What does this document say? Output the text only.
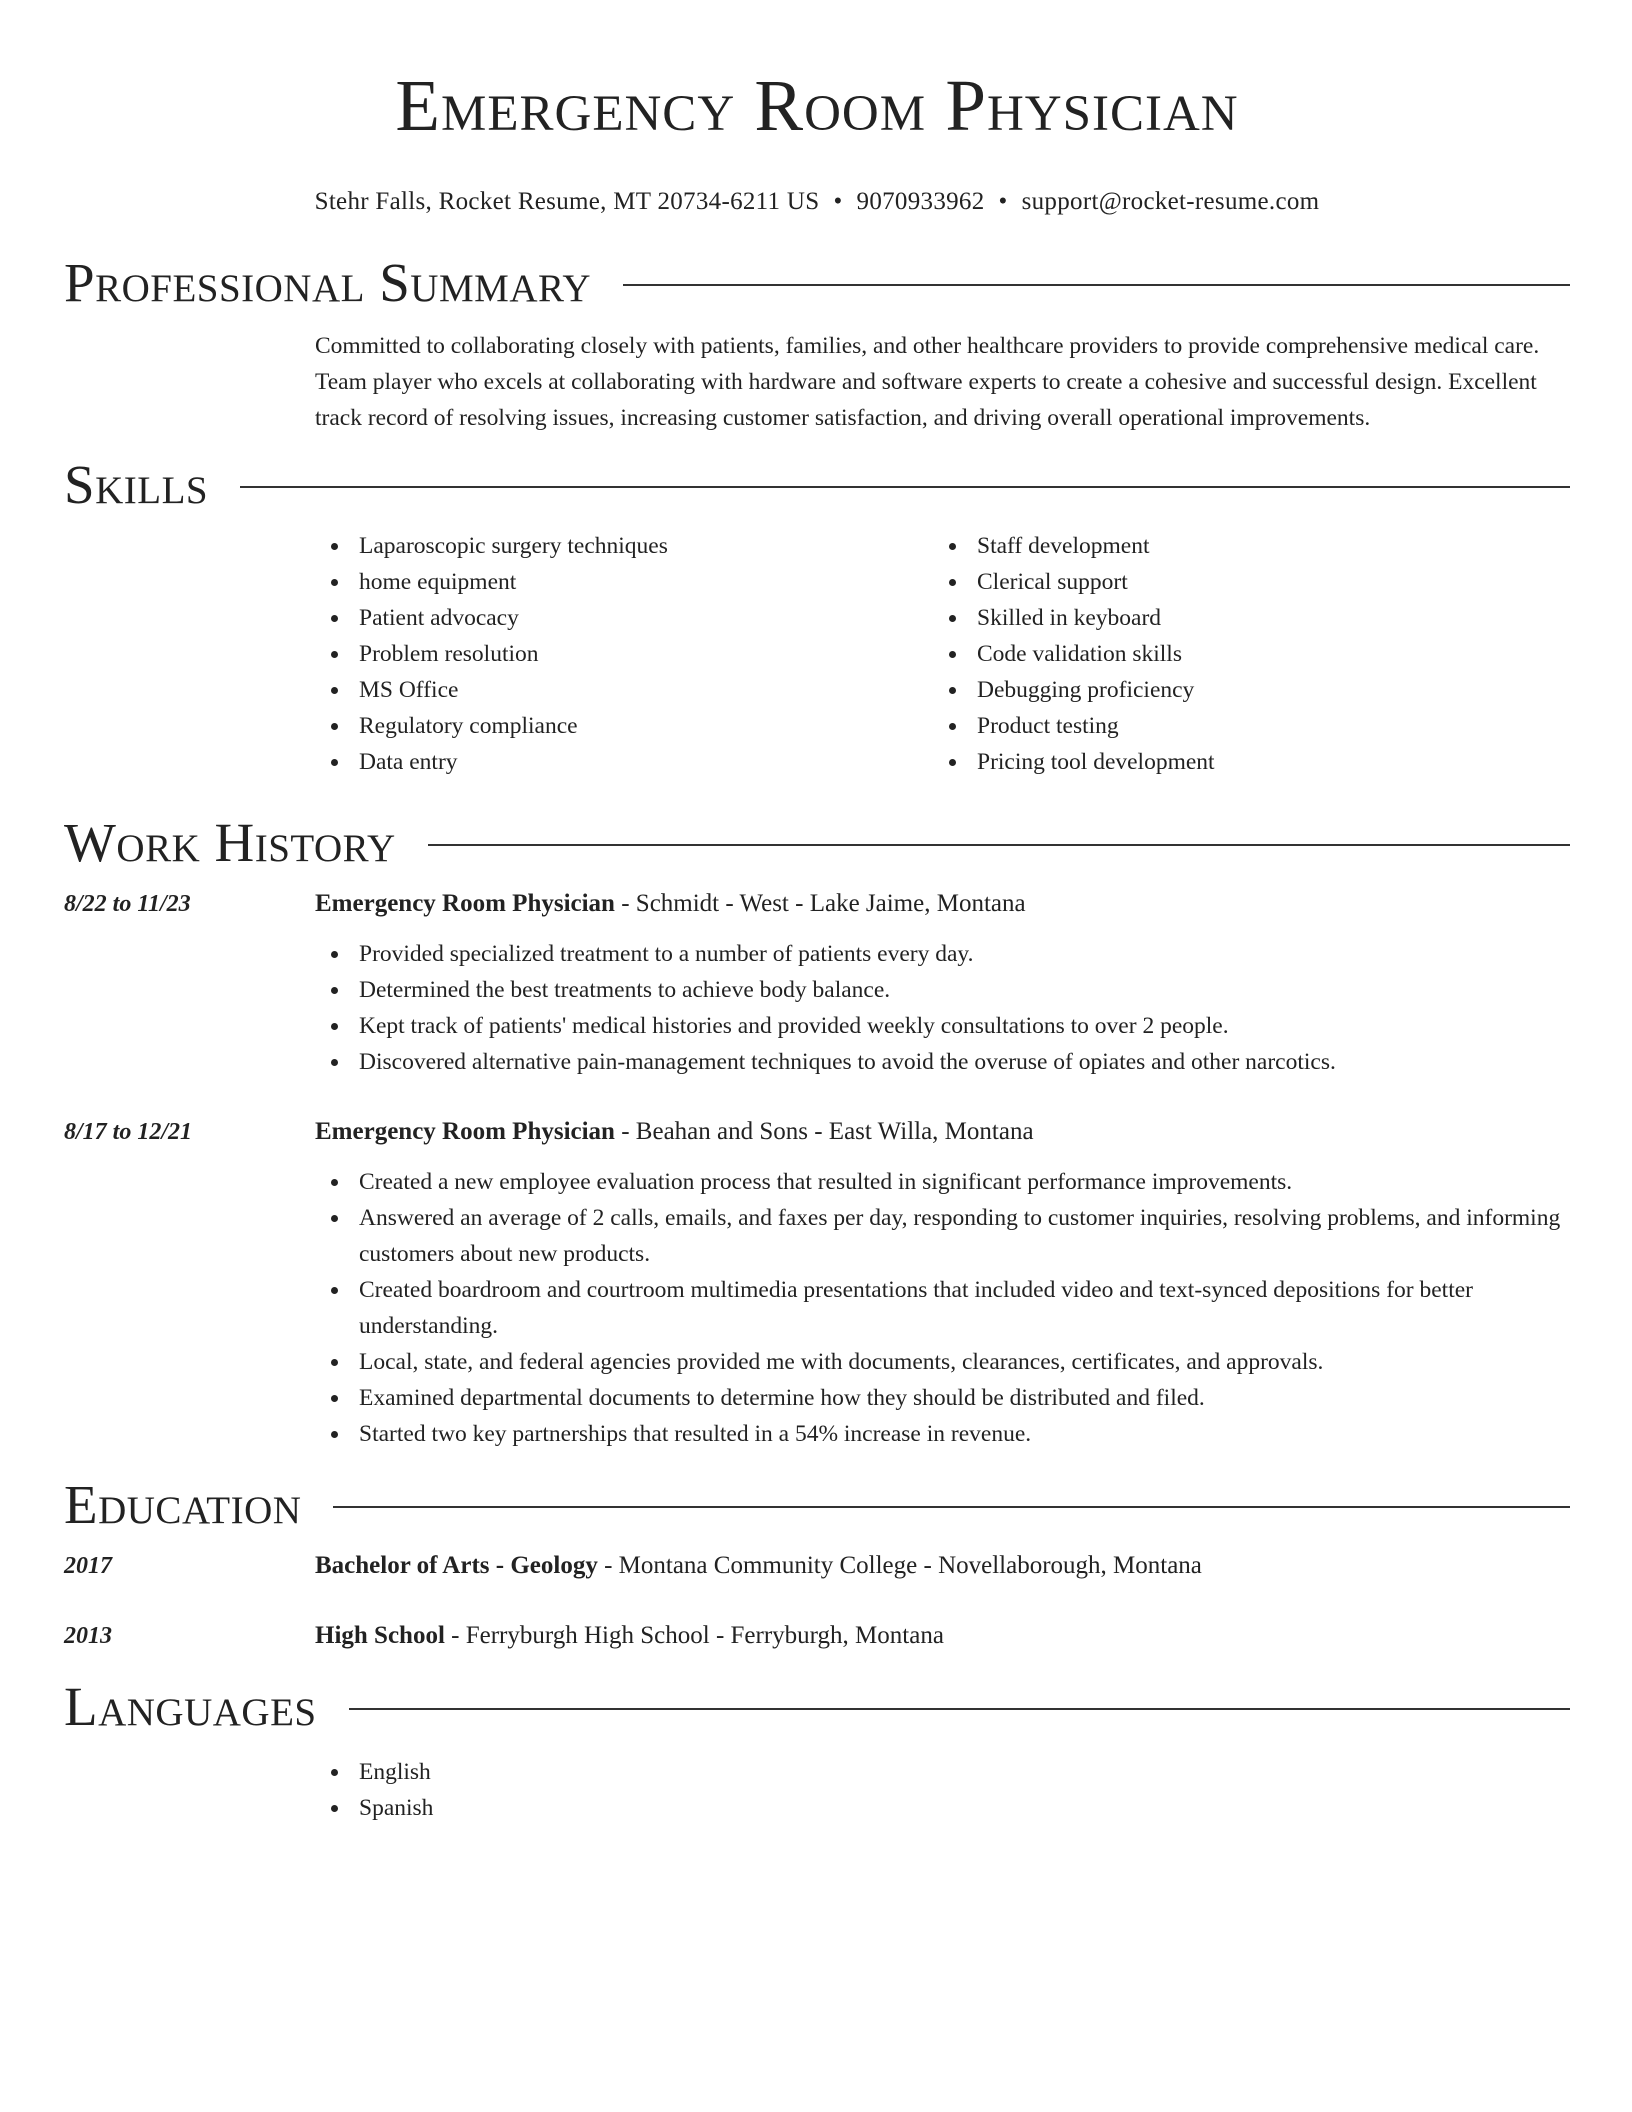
Emergency Room Physician
Stehr Falls, Rocket Resume, MT 20734-6211 US • 9070933962 • support@rocket-resume.com
Professional Summary

Committed to collaborating closely with patients, families, and other healthcare providers to provide comprehensive medical care. Team player who excels at collaborating with hardware and software experts to create a cohesive and successful design. Excellent track record of resolving issues, increasing customer satisfaction, and driving overall operational improvements.

Skills
Laparoscopic surgery techniques
home equipment
Patient advocacy
Problem resolution
MS Office
Regulatory compliance
Data entry
Staff development
Clerical support
Skilled in keyboard
Code validation skills
Debugging proficiency
Product testing
Pricing tool development
Work History
8/22 to 11/23	Emergency Room Physician - Schmidt - West - Lake Jaime, Montana
Provided specialized treatment to a number of patients every day.
Determined the best treatments to achieve body balance.
Kept track of patients' medical histories and provided weekly consultations to over 2 people.
Discovered alternative pain-management techniques to avoid the overuse of opiates and other narcotics.
8/17 to 12/21	Emergency Room Physician - Beahan and Sons - East Willa, Montana
Created a new employee evaluation process that resulted in significant performance improvements.
Answered an average of 2 calls, emails, and faxes per day, responding to customer inquiries, resolving problems, and informing customers about new products.
Created boardroom and courtroom multimedia presentations that included video and text-synced depositions for better understanding.
Local, state, and federal agencies provided me with documents, clearances, certificates, and approvals.
Examined departmental documents to determine how they should be distributed and filed.
Started two key partnerships that resulted in a 54% increase in revenue.
Education
2017	Bachelor of Arts - Geology - Montana Community College - Novellaborough, Montana
2013	High School - Ferryburgh High School - Ferryburgh, Montana
Languages
English
Spanish
